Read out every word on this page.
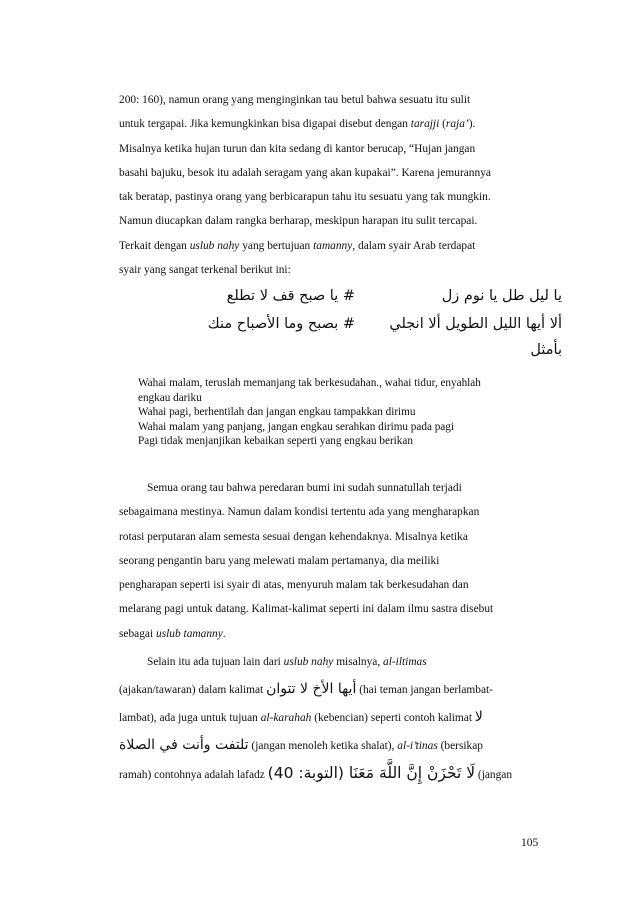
200: 160), namun orang yang menginginkan tau betul bahwa sesuatu itu sulit

untuk tergapai. Jika kemungkinkan bisa digapai disebut dengan tarajji (raja’).

Misalnya ketika hujan turun dan kita sedang di kantor berucap, “Hujan jangan

basahi bajuku, besok itu adalah seragam yang akan kupakai”. Karena jemurannya

tak beratap, pastinya orang yang berbicarapun tahu itu sesuatu yang tak mungkin.

Namun diucapkan dalam rangka berharap, meskipun harapan itu sulit tercapai.

Terkait dengan uslub nahy yang bertujuan tamanny, dalam syair Arab terdapat

syair yang sangat terkenal berikut ini:

يا ليل طل يا نوم زل
# يا صبح قف لا تطلع
ألا أيها الليل الطويل ألا انجلي
# بصبح وما الأصباح منك
بأمثل
Wahai malam, teruslah memanjang tak berkesudahan., wahai tidur, enyahlah
engkau dariku
Wahai pagi, berhentilah dan jangan engkau tampakkan dirimu
Wahai malam yang panjang, jangan engkau serahkan dirimu pada pagi
Pagi tidak menjanjikan kebaikan seperti yang engkau berikan

Semua orang tau bahwa peredaran bumi ini sudah sunnatullah terjadi

sebagaimana mestinya. Namun dalam kondisi tertentu ada yang mengharapkan

rotasi perputaran alam semesta sesuai dengan kehendaknya. Misalnya ketika

seorang pengantin baru yang melewati malam pertamanya, dia meiliki

pengharapan seperti isi syair di atas, menyuruh malam tak berkesudahan dan

melarang pagi untuk datang. Kalimat-kalimat seperti ini dalam ilmu sastra disebut

sebagai uslub tamanny.

Selain itu ada tujuan lain dari uslub nahy misalnya, al-iltimas

(ajakan/tawaran) dalam kalimat أيها الأخ لا تتوان (hai teman jangan berlambat-

lambat), ada juga untuk tujuan al-karahah (kebencian) seperti contoh kalimat لا

تلتفت وأنت في الصلاة (jangan menoleh ketika shalat), al-i’tinas (bersikap

ramah) contohnya adalah lafadz لَا تَحْزَنْ إِنَّ اللَّهَ مَعَنَا (التوبة: 40) (jangan

105
